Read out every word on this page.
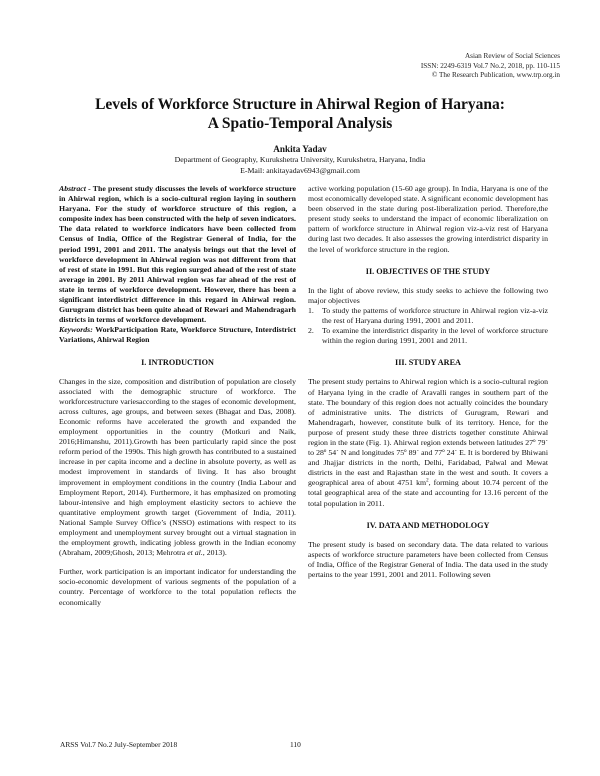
Asian Review of Social Sciences
ISSN: 2249-6319 Vol.7 No.2, 2018, pp. 110-115
© The Research Publication, www.trp.org.in
Levels of Workforce Structure in Ahirwal Region of Haryana:
A Spatio-Temporal Analysis
Ankita Yadav
Department of Geography, Kurukshetra University, Kurukshetra, Haryana, India
E-Mail: ankitayadav6943@gmail.com

Abstract - The present study discusses the levels of workforce structure in Ahirwal region, which is a socio-cultural region laying in southern Haryana. For the study of workforce structure of this region, a composite index has been constructed with the help of seven indicators. The data related to workforce indicators have been collected from Census of India, Office of the Registrar General of India, for the period 1991, 2001 and 2011. The analysis brings out that the level of workforce development in Ahirwal region was not different from that of rest of state in 1991. But this region surged ahead of the rest of state average in 2001. By 2011 Ahirwal region was far ahead of the rest of state in terms of workforce development. However, there has been a significant interdistrict difference in this regard in Ahirwal region. Gurugram district has been quite ahead of Rewari and Mahendragarh districts in terms of workforce development.

Keywords: WorkParticipation Rate, Workforce Structure, Interdistrict Variations, Ahirwal Region

I. INTRODUCTION

Changes in the size, composition and distribution of population are closely associated with the demographic structure of workforce. The workforcestructure variesaccording to the stages of economic development, across cultures, age groups, and between sexes (Bhagat and Das, 2008). Economic reforms have accelerated the growth and expanded the employment opportunities in the country (Motkuri and Naik, 2016;Himanshu, 2011).Growth has been particularly rapid since the post reform period of the 1990s. This high growth has contributed to a sustained increase in per capita income and a decline in absolute poverty, as well as modest improvement in standards of living. It has also brought improvement in employment conditions in the country (India Labour and Employment Report, 2014). Furthermore, it has emphasized on promoting labour-intensive and high employment elasticity sectors to achieve the quantitative employment growth target (Government of India, 2011). National Sample Survey Office’s (NSSO) estimations with respect to its employment and unemployment survey brought out a virtual stagnation in the employment growth, indicating jobless growth in the Indian economy (Abraham, 2009;Ghosh, 2013; Mehrotra et al., 2013).

Further, work participation is an important indicator for understanding the socio-economic development of various segments of the population of a country. Percentage of workforce to the total population reflects the economically

active working population (15-60 age group). In India, Haryana is one of the most economically developed state. A significant economic development has been observed in the state during post-liberalization period. Therefore,the present study seeks to understand the impact of economic liberalization on pattern of workforce structure in Ahirwal region viz-a-viz rest of Haryana during last two decades. It also assesses the growing interdistrict disparity in the level of workforce structure in the region.

II. OBJECTIVES OF THE STUDY

In the light of above review, this study seeks to achieve the following two major objectives

1. To study the patterns of workforce structure in Ahirwal region viz-a-viz the rest of Haryana during 1991, 2001 and 2011.
2. To examine the interdistrict disparity in the level of workforce structure within the region during 1991, 2001 and 2011.
III. STUDY AREA

The present study pertains to Ahirwal region which is a socio-cultural region of Haryana lying in the cradle of Aravalli ranges in southern part of the state. The boundary of this region does not actually coincides the boundary of administrative units. The districts of Gurugram, Rewari and Mahendragarh, however, constitute bulk of its territory. Hence, for the purpose of present study these three districts together constitute Ahirwal region in the state (Fig. 1). Ahirwal region extends between latitudes 27º 79´ to 28º 54´ N and longitudes 75º 89´ and 77º 24´ E. It is bordered by Bhiwani and Jhajjar districts in the north, Delhi, Faridabad, Palwal and Mewat districts in the east and Rajasthan state in the west and south. It covers a geographical area of about 4751 $km^2$, forming about 10.74 percent of the total geographical area of the state and accounting for 13.16 percent of the total population in 2011.

IV. DATA AND METHODOLOGY

The present study is based on secondary data. The data related to various aspects of workforce structure parameters have been collected from Census of India, Office of the Registrar General of India. The data used in the study pertains to the year 1991, 2001 and 2011. Following seven

ARSS Vol.7 No.2 July-September 2018	110
